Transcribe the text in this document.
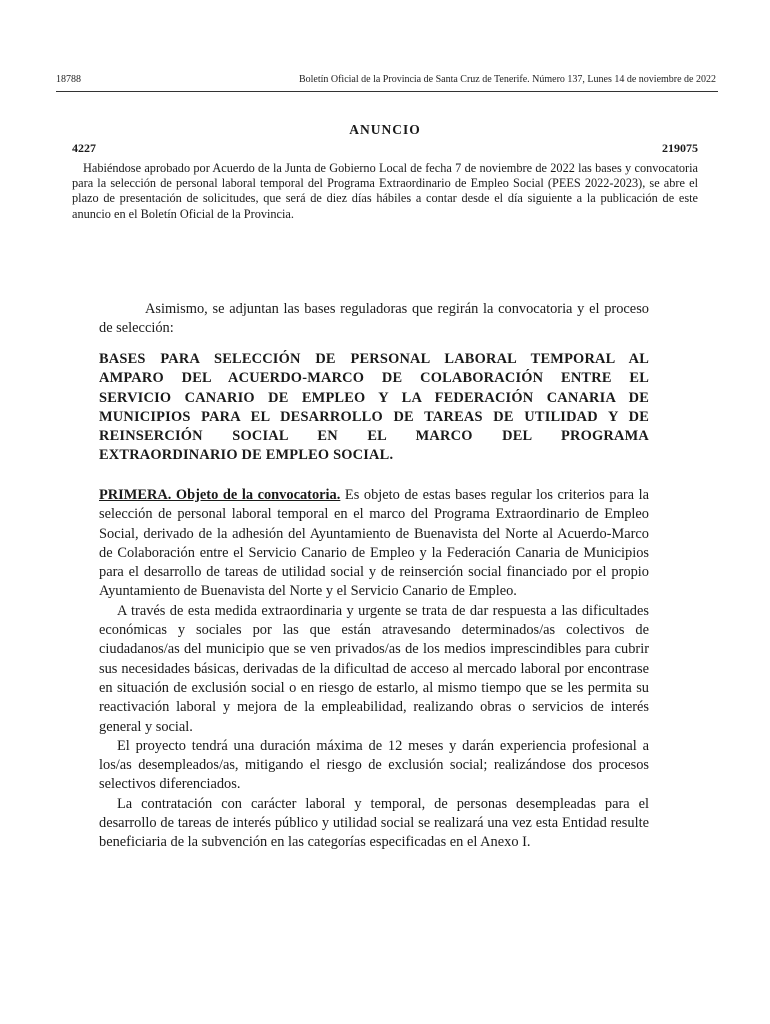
18788	Boletín Oficial de la Provincia de Santa Cruz de Tenerife. Número 137, Lunes 14 de noviembre de 2022
ANUNCIO
4227	219075
Habiéndose aprobado por Acuerdo de la Junta de Gobierno Local de fecha 7 de noviembre de 2022 las bases y convocatoria para la selección de personal laboral temporal del Programa Extraordinario de Empleo Social (PEES 2022-2023), se abre el plazo de presentación de solicitudes, que será de diez días hábiles a contar desde el día siguiente a la publicación de este anuncio en el Boletín Oficial de la Provincia.
Asimismo, se adjuntan las bases reguladoras que regirán la convocatoria y el proceso de selección:
BASES PARA SELECCIÓN DE PERSONAL LABORAL TEMPORAL AL
AMPARO DEL ACUERDO-MARCO DE COLABORACIÓN ENTRE EL
SERVICIO CANARIO DE EMPLEO Y LA FEDERACIÓN CANARIA DE
MUNICIPIOS PARA EL DESARROLLO DE TAREAS DE UTILIDAD Y DE
REINSERCIÓN SOCIAL EN EL MARCO DEL PROGRAMA
EXTRAORDINARIO DE EMPLEO SOCIAL.

PRIMERA. Objeto de la convocatoria. Es objeto de estas bases regular los criterios para la selección de personal laboral temporal en el marco del Programa Extraordinario de Empleo Social, derivado de la adhesión del Ayuntamiento de Buenavista del Norte al Acuerdo-Marco de Colaboración entre el Servicio Canario de Empleo y la Federación Canaria de Municipios para el desarrollo de tareas de utilidad social y de reinserción social financiado por el propio Ayuntamiento de Buenavista del Norte y el Servicio Canario de Empleo.

A través de esta medida extraordinaria y urgente se trata de dar respuesta a las dificultades económicas y sociales por las que están atravesando determinados/as colectivos de ciudadanos/as del municipio que se ven privados/as de los medios imprescindibles para cubrir sus necesidades básicas, derivadas de la dificultad de acceso al mercado laboral por encontrase en situación de exclusión social o en riesgo de estarlo, al mismo tiempo que se les permita su reactivación laboral y mejora de la empleabilidad, realizando obras o servicios de interés general y social.

El proyecto tendrá una duración máxima de 12 meses y darán experiencia profesional a los/as desempleados/as, mitigando el riesgo de exclusión social; realizándose dos procesos selectivos diferenciados.

La contratación con carácter laboral y temporal, de personas desempleadas para el desarrollo de tareas de interés público y utilidad social se realizará una vez esta Entidad resulte beneficiaria de la subvención en las categorías especificadas en el Anexo I.
